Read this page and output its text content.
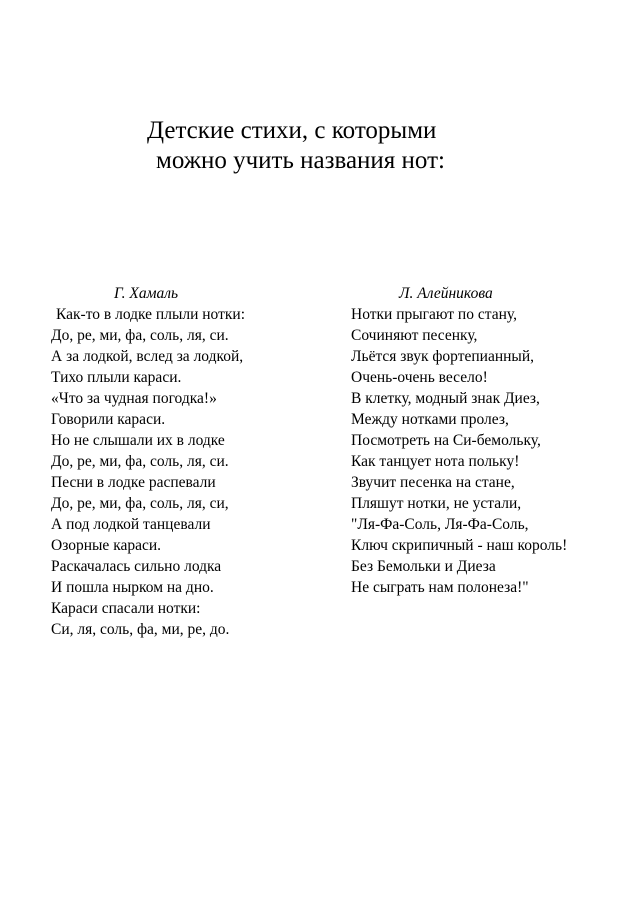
Детские стихи, с которыми
можно учить названия нот:
Г. Хамаль
Как-то в лодке плыли нотки:
До, ре, ми, фа, соль, ля, си.
А за лодкой, вслед за лодкой,
Тихо плыли караси.
«Что за чудная погодка!»
Говорили караси.
Но не слышали их в лодке
До, ре, ми, фа, соль, ля, си.
Песни в лодке распевали
До, ре, ми, фа, соль, ля, си,
А под лодкой танцевали
Озорные караси.
Раскачалась сильно лодка
И пошла нырком на дно.
Караси спасали нотки:
Си, ля, соль, фа, ми, ре, до.
Л. Алейникова
Нотки прыгают по стану,
Сочиняют песенку,
Льётся звук фортепианный,
Очень-очень весело!
В клетку, модный знак Диез,
Между нотками пролез,
Посмотреть на Си-бемольку,
Как танцует нота польку!
Звучит песенка на стане,
Пляшут нотки, не устали,
"Ля-Фа-Соль, Ля-Фа-Соль,
Ключ скрипичный - наш король!
Без Бемольки и Диеза
Не сыграть нам полонеза!"
